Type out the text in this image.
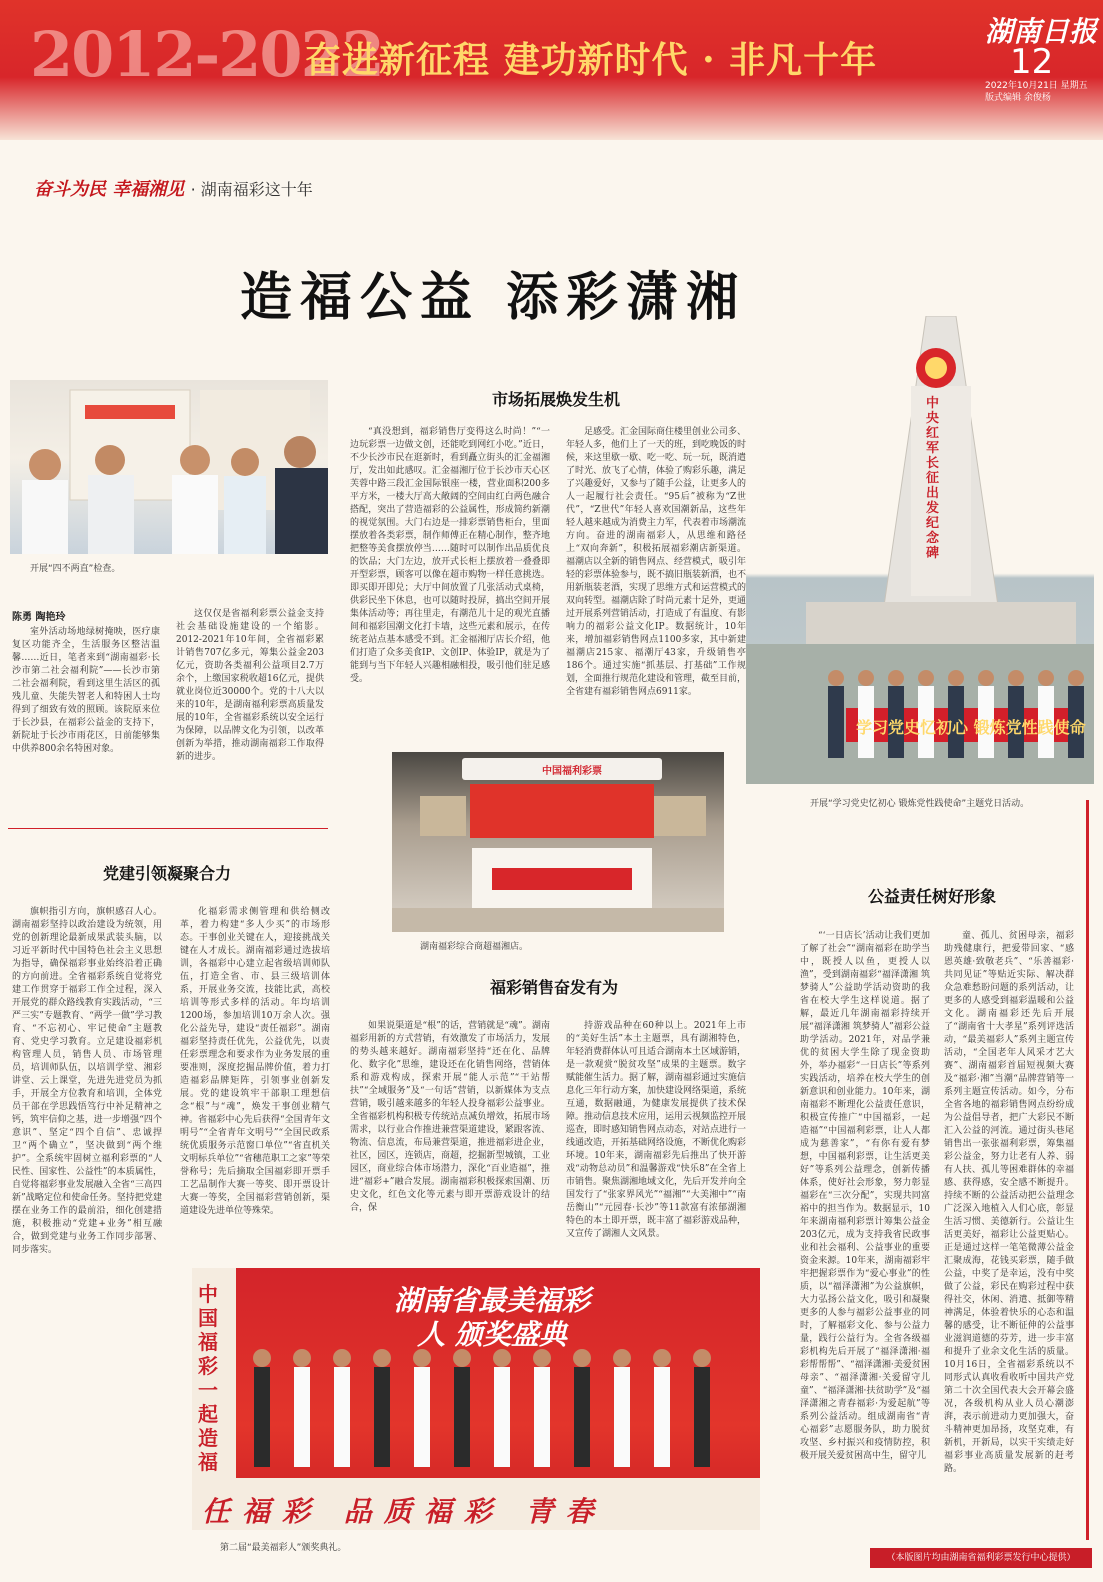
2012-2022
奋进新征程 建功新时代 · 非凡十年
湖南日报
12
2022年10月21日 星期五
版式编辑 余俊杨
奋斗为民 幸福湘见 · 湖南福彩这十年
造福公益 添彩潇湘
开展“四不两直”检查。
陈勇 陶艳玲
室外活动场地绿树掩映，医疗康复区功能齐全，生活服务区整洁温馨……近日，笔者来到“湖南福彩·长沙市第二社会福利院”——长沙市第二社会福利院，看到这里生活区的孤残儿童、失能失智老人和特困人士均得到了细致有效的照顾。该院原来位于长沙县，在福彩公益金的支持下，新院址于长沙市雨花区，日前能够集中供养800余名特困对象。
这仅仅是省福利彩票公益金支持社会基础设施建设的一个缩影。2012-2021年10年间，全省福彩累计销售707亿多元，筹集公益金203亿元，资助各类福利公益项目2.7万余个，上缴国家税收超16亿元，提供就业岗位近30000个。党的十八大以来的10年，是湖南福利彩票高质量发展的10年，全省福彩系统以安全运行为保障，以品牌文化为引领，以改革创新为举措，推动湖南福彩工作取得新的进步。
市场拓展焕发生机
“真没想到，福彩销售厅变得这么时尚！”“一边玩彩票一边做文创，还能吃到网红小吃。”近日，不少长沙市民在逛新时，看到矗立街头的汇金福湘厅，发出如此感叹。汇金福湘厅位于长沙市天心区芙蓉中路三段汇金国际银座一楼，营业面积200多平方米，一楼大厅高大敞阔的空间由红白两色融合搭配，突出了营造福彩的公益属性，形成简约新潮的视觉氛围。大门右边是一排彩票销售柜台，里面摆放着各类彩票，制作师傅正在精心制作，整齐地把整等美食摆放停当……随时可以制作出品质优良的饮品；大门左边，放开式长柜上摆放着一叠叠即开型彩票，顾客可以像在超市购物一样任意挑选。即买即开即兑；大厅中间放置了几张活动式桌椅，供彩民坐下休息，也可以随时投屏，搞出空间开展集体活动等；再往里走，有潮范儿十足的观光直播间和福彩国潮文化打卡墙，这些元素和展示，在传统老站点基本感受不到。汇金福湘厅店长介绍，他们打造了众多美食IP、文创IP、体验IP，就是为了能到与当下年轻人兴趣相融相投，吸引他们驻足感受。
足感受。汇金国际商住楼里创业公司多、年轻人多，他们上了一天的班，到吃晚饭的时候，来这里歇一歇、吃一吃、玩一玩，既消遣了时光、放飞了心情，体验了购彩乐趣，满足了兴趣爱好，又参与了随手公益，让更多人的人一起履行社会责任。“95后”被称为“Z世代”，“Z世代”年轻人喜欢国潮新品，这些年轻人越来越成为消费主力军，代表着市场潮流方向。奋进的湖南福彩人，从思维和路径上“双向奔新”，积极拓展福彩潮店新渠道。福潮店以全新的销售网点、经营模式，吸引年轻的彩票体验参与，既不搞旧瓶装新酒，也不用新瓶装老酒，实现了思维方式和运营模式的双向转型。福潮店除了时尚元素十足外，更通过开展系列营销活动，打造成了有温度、有影响力的福彩公益文化IP。数据统计，10年来，增加福彩销售网点1100多家，其中新建福潮店215家、福潮厅43家，升级销售亭186个。通过实施“抓基层、打基础”工作规划，全面推行规范化建设和管理，截至目前，全省建有福彩销售网点6911家。
中国福利彩票
湖南福彩综合商超福湘店。
中央红军长征出发纪念碑
学习党史忆初心 锻炼党性践使命
开展“学习党史忆初心 锻炼党性践使命”主题党日活动。
党建引领凝聚合力
旗帜指引方向，旗帜感召人心。湖南福彩坚持以政治建设为统领，用党的创新理论最新成果武装头脑，以习近平新时代中国特色社会主义思想为指导，确保福彩事业始终沿着正确的方向前进。全省福彩系统自觉将党建工作贯穿于福彩工作全过程，深入开展党的群众路线教育实践活动，“三严三实”专题教育、“两学一做”学习教育、“不忘初心、牢记使命”主题教育、党史学习教育。立足建设福彩机构管理人员，销售人员、市场管理员，培训师队伍，以培训学堂、湘彩讲堂、云上课堂，先进先进党员为抓手，开展全方位教育和培训，全体党员干部在学思践悟笃行中补足精神之钙，筑牢信仰之基，进一步增强“四个意识”、坚定“四个自信”、忠诚捍卫“两个确立”，坚决做到“两个维护”。全系统牢固树立福利彩票的“人民性、国家性、公益性”的本质属性，自觉将福彩事业发展融入全省“三高四新”战略定位和使命任务。坚持把党建摆在业务工作的最前沿，细化创建措施，积极推动“党建+业务”相互融合，做到党建与业务工作同步部署、同步落实。
化福彩需求侧管理和供给侧改革，着力构建“多人少买”的市场形态。干事创业关键在人，迎接挑战关键在人才成长。湖南福彩通过选拔培训，各福彩中心建立起省级培训师队伍，打造全省、市、县三级培训体系，开展业务交流，技能比武，高校培训等形式多样的活动。年均培训1200场，参加培训10万余人次。强化公益先导，建设“责任福彩”。湖南福彩坚持责任优先，公益优先，以责任彩票理念和要求作为业务发展的重要准则，深度挖掘品牌价值，着力打造福彩品牌矩阵，引领事业创新发展。党的建设筑牢干部职工理想信念“根”与“魂”，焕发干事创业精气神。省福彩中心先后获得“全国青年文明号”“全省青年文明号”“全国民政系统优质服务示范窗口单位”“省直机关文明标兵单位”“省穗范职工之家”等荣誉称号；先后摘取全国福彩即开票手工艺品制作大赛一等奖、即开票设计大赛一等奖，全国福彩营销创新，渠道建设先进单位等殊荣。
福彩销售奋发有为
如果说渠道是“根”的话，营销就是“魂”。湖南福彩用新的方式营销，有效激发了市场活力，发展的势头越来越好。湖南福彩坚持“还在化、品牌化、数字化”思维，建设还在化销售网络，营销体系和游戏构成，探索开展“能人示范”“干站帮扶”“全域服务”及“一句话”营销，以新媒体为支点营销，吸引越来越多的年轻人投身福彩公益事业。全省福彩机构积极专传统站点减负增效，拓展市场需求，以行业合作推进兼营渠道建设，紧跟客流、物流、信息流，布局兼营渠道，推进福彩进企业，社区，园区，连锁店，商超，挖掘新型城镇，工业园区，商业综合体市场潜力，深化“百业造福”，推进“福彩+”融合发展。湖南福彩积极探索国潮、历史文化，红色文化等元素与即开票游戏设计的结合，保
持游戏品种在60种以上。2021年上市的“美好生活”本土主题票，具有湖湘特色，年轻消费群体认可且适合湖南本土区域游销，是一款观赏“脱贫攻坚”成果的主题票。数字赋能催生活力。据了解，湖南福彩通过实施信息化三年行动方案，加快建设网络渠道，系统互通，数据融通，为健康发展提供了技术保障。推动信息技术应用，运用云视频监控开展巡查，即时感知销售网点动态，对站点进行一线通改造，开拓基础网络设施，不断优化购彩环境。10年来，湖南福彩先后推出了快开游戏“动物总动员”和温馨游戏“快乐8”在全省上市销售。聚焦湖湘地域文化，先后开发并向全国发行了“张家界风光”“福湘”“大美湘中”“南岳衡山”“元园春·长沙”等11款富有浓郁湖湘特色的本土即开票，既丰富了福彩游戏品种，又宣传了湖湘人文风景。
中国福彩 一起造福
湖南省最美福彩人 颁奖盛典
任福彩 品质福彩 青春
第二届“最美福彩人”颁奖典礼。
公益责任树好形象
“‘一日店长’活动让我们更加了解了社会”“湖南福彩在助学当中，既授人以鱼，更授人以渔”，受到湖南福彩“福泽潇湘 筑梦骑人”公益助学活动资助的我省在校大学生这样说道。据了解，最近几年湖南福彩持续开展“福泽潇湘 筑梦骑人”福彩公益助学活动。2021年，对品学兼优的贫困大学生除了现金资助外，举办福彩“一日店长”等系列实践活动，培养在校大学生的创新意识和创业能力。10年来，湖南福彩不断理化公益责任意识，积极宣传推广“中国福彩，一起造福”“中国福利彩票，让人人都成为慈善家”，“有你有爱有梦想，中国福利彩票，让生活更美好”等系列公益理念，创新传播体系，使好社会形象，努力彰显福彩在“三次分配”，实现共同富裕中的担当作为。数据显示，10年来湖南福利彩票计筹集公益金203亿元，成为支持我省民政事业和社会福利、公益事业的重要资金来源。10年来，湖南福彩牢牢把握彩票作为“爱心事业”的性质，以“福泽潇湘”为公益旗帜，大力弘扬公益文化，吸引和凝聚更多的人参与福彩公益事业的同时，了解福彩文化、参与公益力量，践行公益行为。全省各级福彩机构先后开展了“福泽潇湘·福彩帮帮帮”、“福泽潇湘·美爱贫困母亲”、“福泽潇湘·关爱留守儿童”、“福泽潇湘·扶贫助学”及“福泽潇湘之青春福彩·为爱起航”等系列公益活动。组成湖南省“青心福彩”志愿服务队，助力脱贫攻坚、乡村振兴和疫情防控，积极开展关爱贫困高中生，留守儿
童、孤儿、贫困母亲，福彩助残健康行，把爱带回家、“感恩英雄·致敬老兵”、“乐善福彩·共同见证”等贴近实际、解决群众急难愁盼问题的系列活动，让更多的人感受到福彩温暖和公益文化。湖南福彩还先后开展了“湖南省十大孝星”系列评选活动，“最美福彩人”系列主题宣传活动，“全国老年人风采才艺大赛”、湖南福彩首届短视频大赛及“福彩·湘”当潮“品牌营销等一系列主题宣传活动。如今，分布全省各地的福彩销售网点纷纷成为公益倡导者，把广大彩民不断汇入公益的河流。通过街头巷尾销售出一张张福利彩票，筹集福彩公益金，努力让老有人养、弱有人扶、孤儿等困难群体的幸福感、获得感，安全感不断提升。持续不断的公益活动把公益理念广泛深入地植入人们心底，彰显生活习惯、美德新行。公益让生活更美好，福彩让公益更贴心。正是通过这样一笔笔微薄公益金汇聚成海，花钱买彩票，随手做公益，中奖了是幸运，没有中奖做了公益，彩民在购彩过程中获得社交，休闲、消遣、抵御等精神满足，体验着快乐的心态和温馨的感受，让不断征伸的公益事业滋润道德的芬芳，进一步丰富和提升了业余文化生活的质量。10月16日，全省福彩系统以不同形式认真收看收听中国共产党第二十次全国代表大会开幕会盛况，各级机构从业人员心潮澎湃，表示前进动力更加强大，奋斗精神更加昂扬，攻坚克难，有新机，开新局，以实干实绩走好福彩事业高质量发展新的赶考路。
（本版图片均由湖南省福利彩票发行中心提供）
